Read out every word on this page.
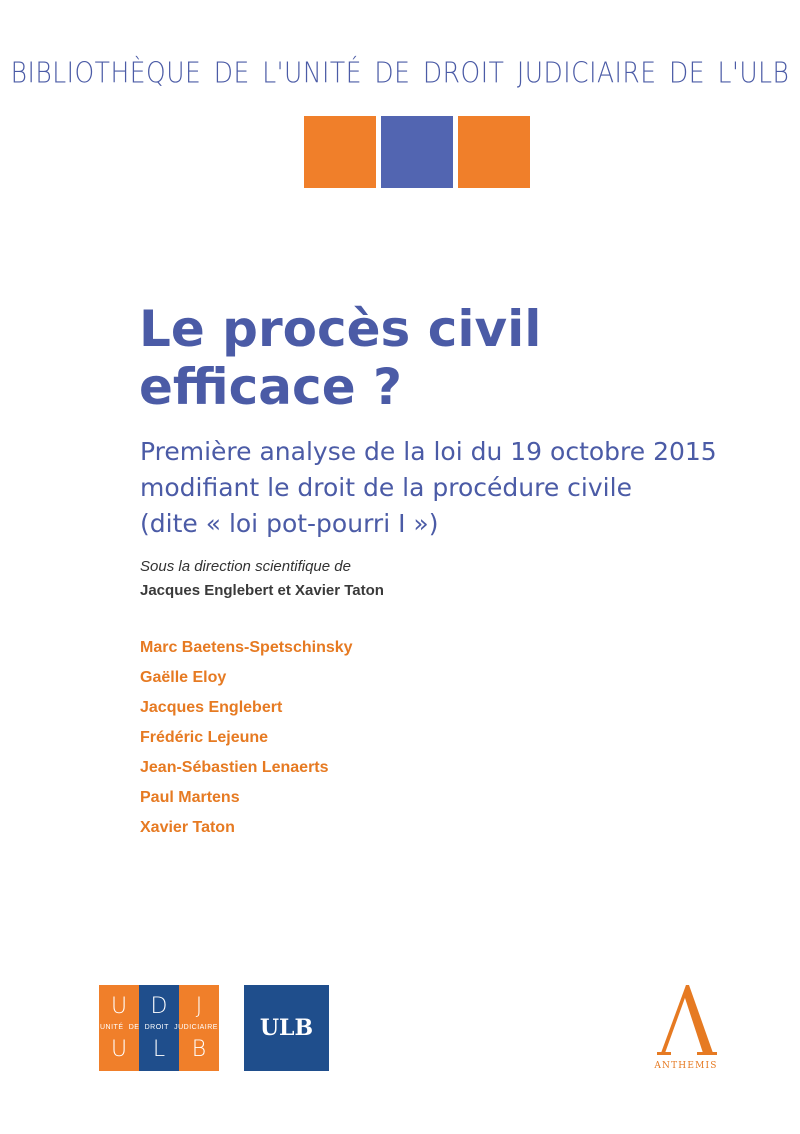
BIBLIOTHÈQUE DE L'UNITÉ DE DROIT JUDICIAIRE DE L'ULB
Le procès civil
efficace ?
Première analyse de la loi du 19 octobre 2015
modifiant le droit de la procédure civile
(dite « loi pot-pourri I »)
Sous la direction scientifique de
Jacques Englebert et Xavier Taton
Marc Baetens-Spetschinsky
Gaëlle Eloy
Jacques Englebert
Frédéric Lejeune
Jean-Sébastien Lenaerts
Paul Martens
Xavier Taton
U	D	J
U	L	B
UNITÉ DE DROIT JUDICIAIRE	ULB
ANTHEMIS
